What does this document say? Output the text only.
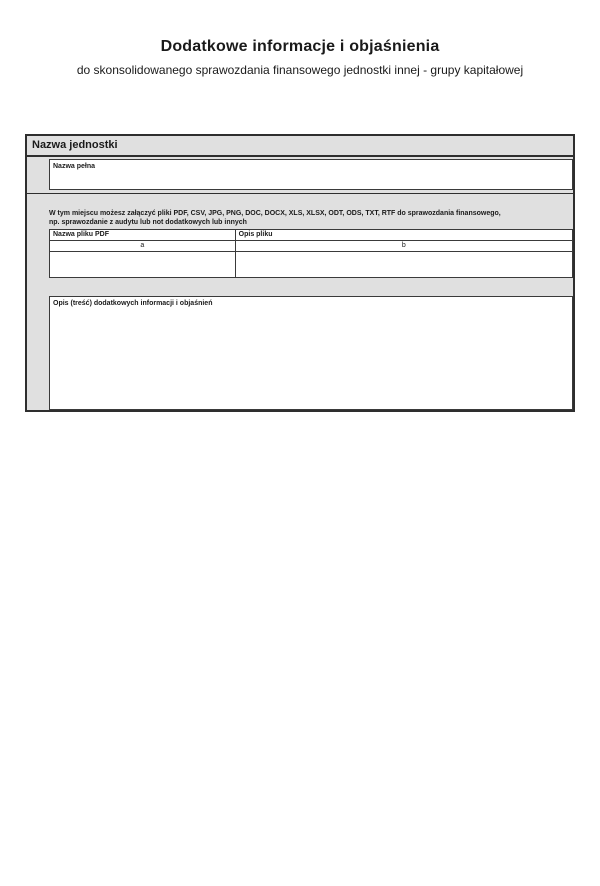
Dodatkowe informacje i objaśnienia
do skonsolidowanego sprawozdania finansowego jednostki innej - grupy kapitałowej
Nazwa jednostki
Nazwa pełna
W tym miejscu możesz załączyć pliki PDF, CSV, JPG, PNG, DOC, DOCX, XLS, XLSX, ODT, ODS, TXT, RTF do sprawozdania finansowego,
np. sprawozdanie z audytu lub not dodatkowych lub innych
Nazwa pliku PDF	Opis pliku
a	b

Opis (treść) dodatkowych informacji i objaśnień
